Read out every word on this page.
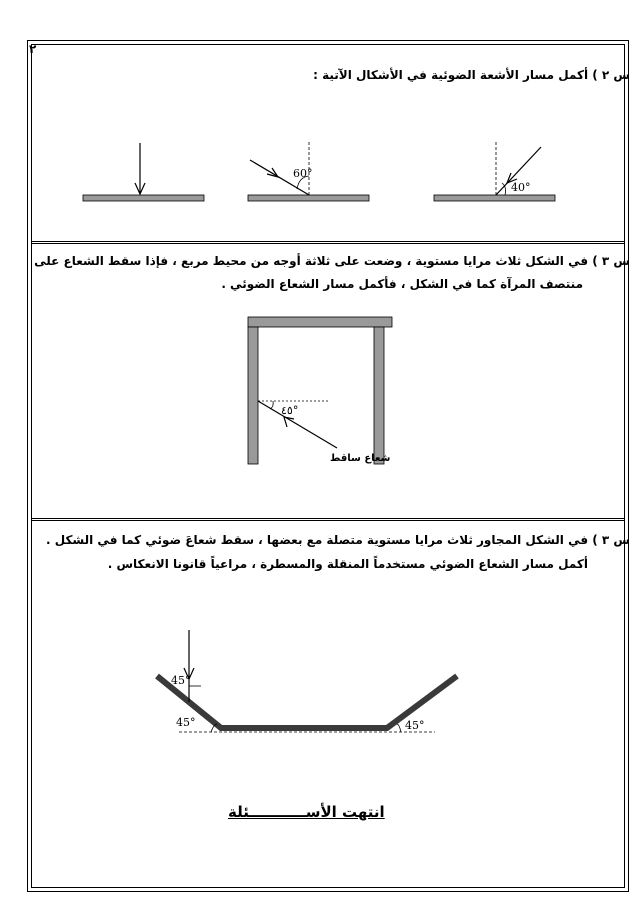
٢
س ٢ ) أكمل مسار الأشعة الضوئية في الأشكال الآتية :
60°
40°
س ٣ ) في الشكل ثلاث مرايا مستوية ، وضعت على ثلاثة أوجه من محيط مربع ، فإذا سقط الشعاع على
منتصف المرآة كما في الشكل ، فأكمل مسار الشعاع الضوئي .
٤٥°
شعاع ساقط
س ٣ ) في الشكل المجاور ثلاث مرايا مستوية متصلة مع بعضها ، سقط شعاعَ ضوئي كما في الشكل .
أكمل مسار الشعاع الضوئي مستخدماً المنقلة والمسطرة ، مراعياً قانونا الانعكاس .
45°
45°	45°
انتهت الأســـــــــــئلة
